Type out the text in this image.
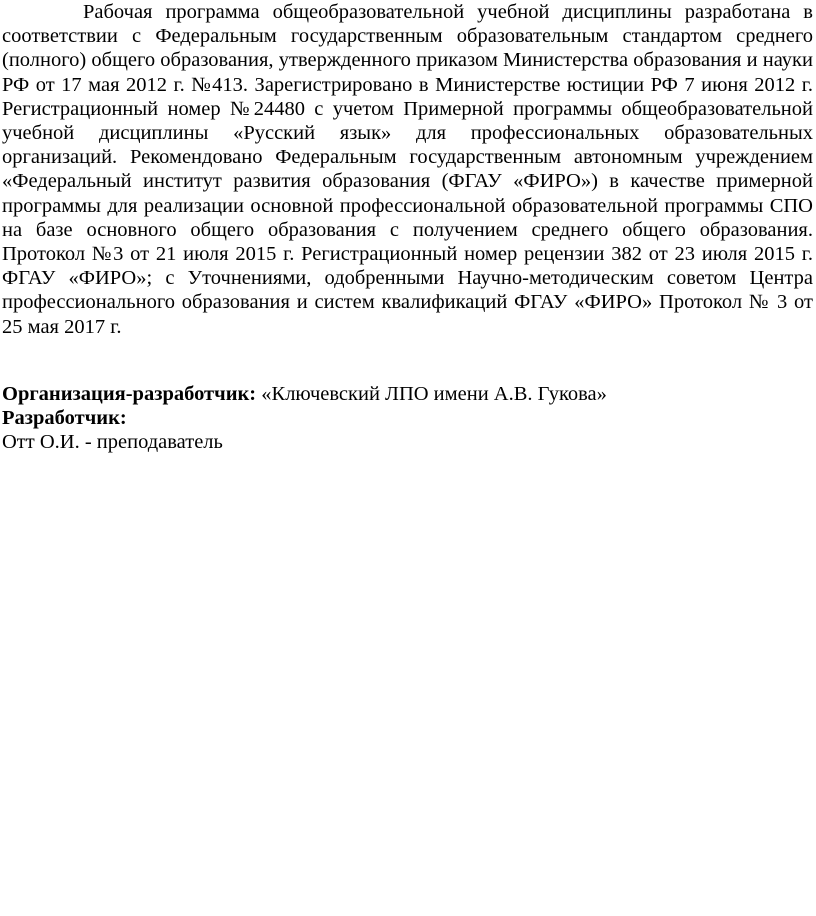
Рабочая программа общеобразовательной учебной дисциплины разработана в соответствии с Федеральным государственным образовательным стандартом среднего (полного) общего образования, утвержденного приказом Министерства образования и науки РФ от 17 мая 2012 г. №413. Зарегистрировано в Министерстве юстиции РФ 7 июня 2012 г. Регистрационный номер №24480 с учетом Примерной программы общеобразовательной учебной дисциплины «Русский язык» для профессиональных образовательных организаций. Рекомендовано Федеральным государственным автономным учреждением «Федеральный институт развития образования (ФГАУ «ФИРО») в качестве примерной программы для реализации основной профессиональной образовательной программы СПО на базе основного общего образования с получением среднего общего образования. Протокол №3 от 21 июля 2015 г. Регистрационный номер рецензии 382 от 23 июля 2015 г. ФГАУ «ФИРО»; с Уточнениями, одобренными Научно-методическим советом Центра профессионального образования и систем квалификаций ФГАУ «ФИРО» Протокол № 3 от 25 мая 2017 г.

Организация-разработчик: «Ключевский ЛПО имени А.В. Гукова»

Разработчик:

Отт О.И. - преподаватель
